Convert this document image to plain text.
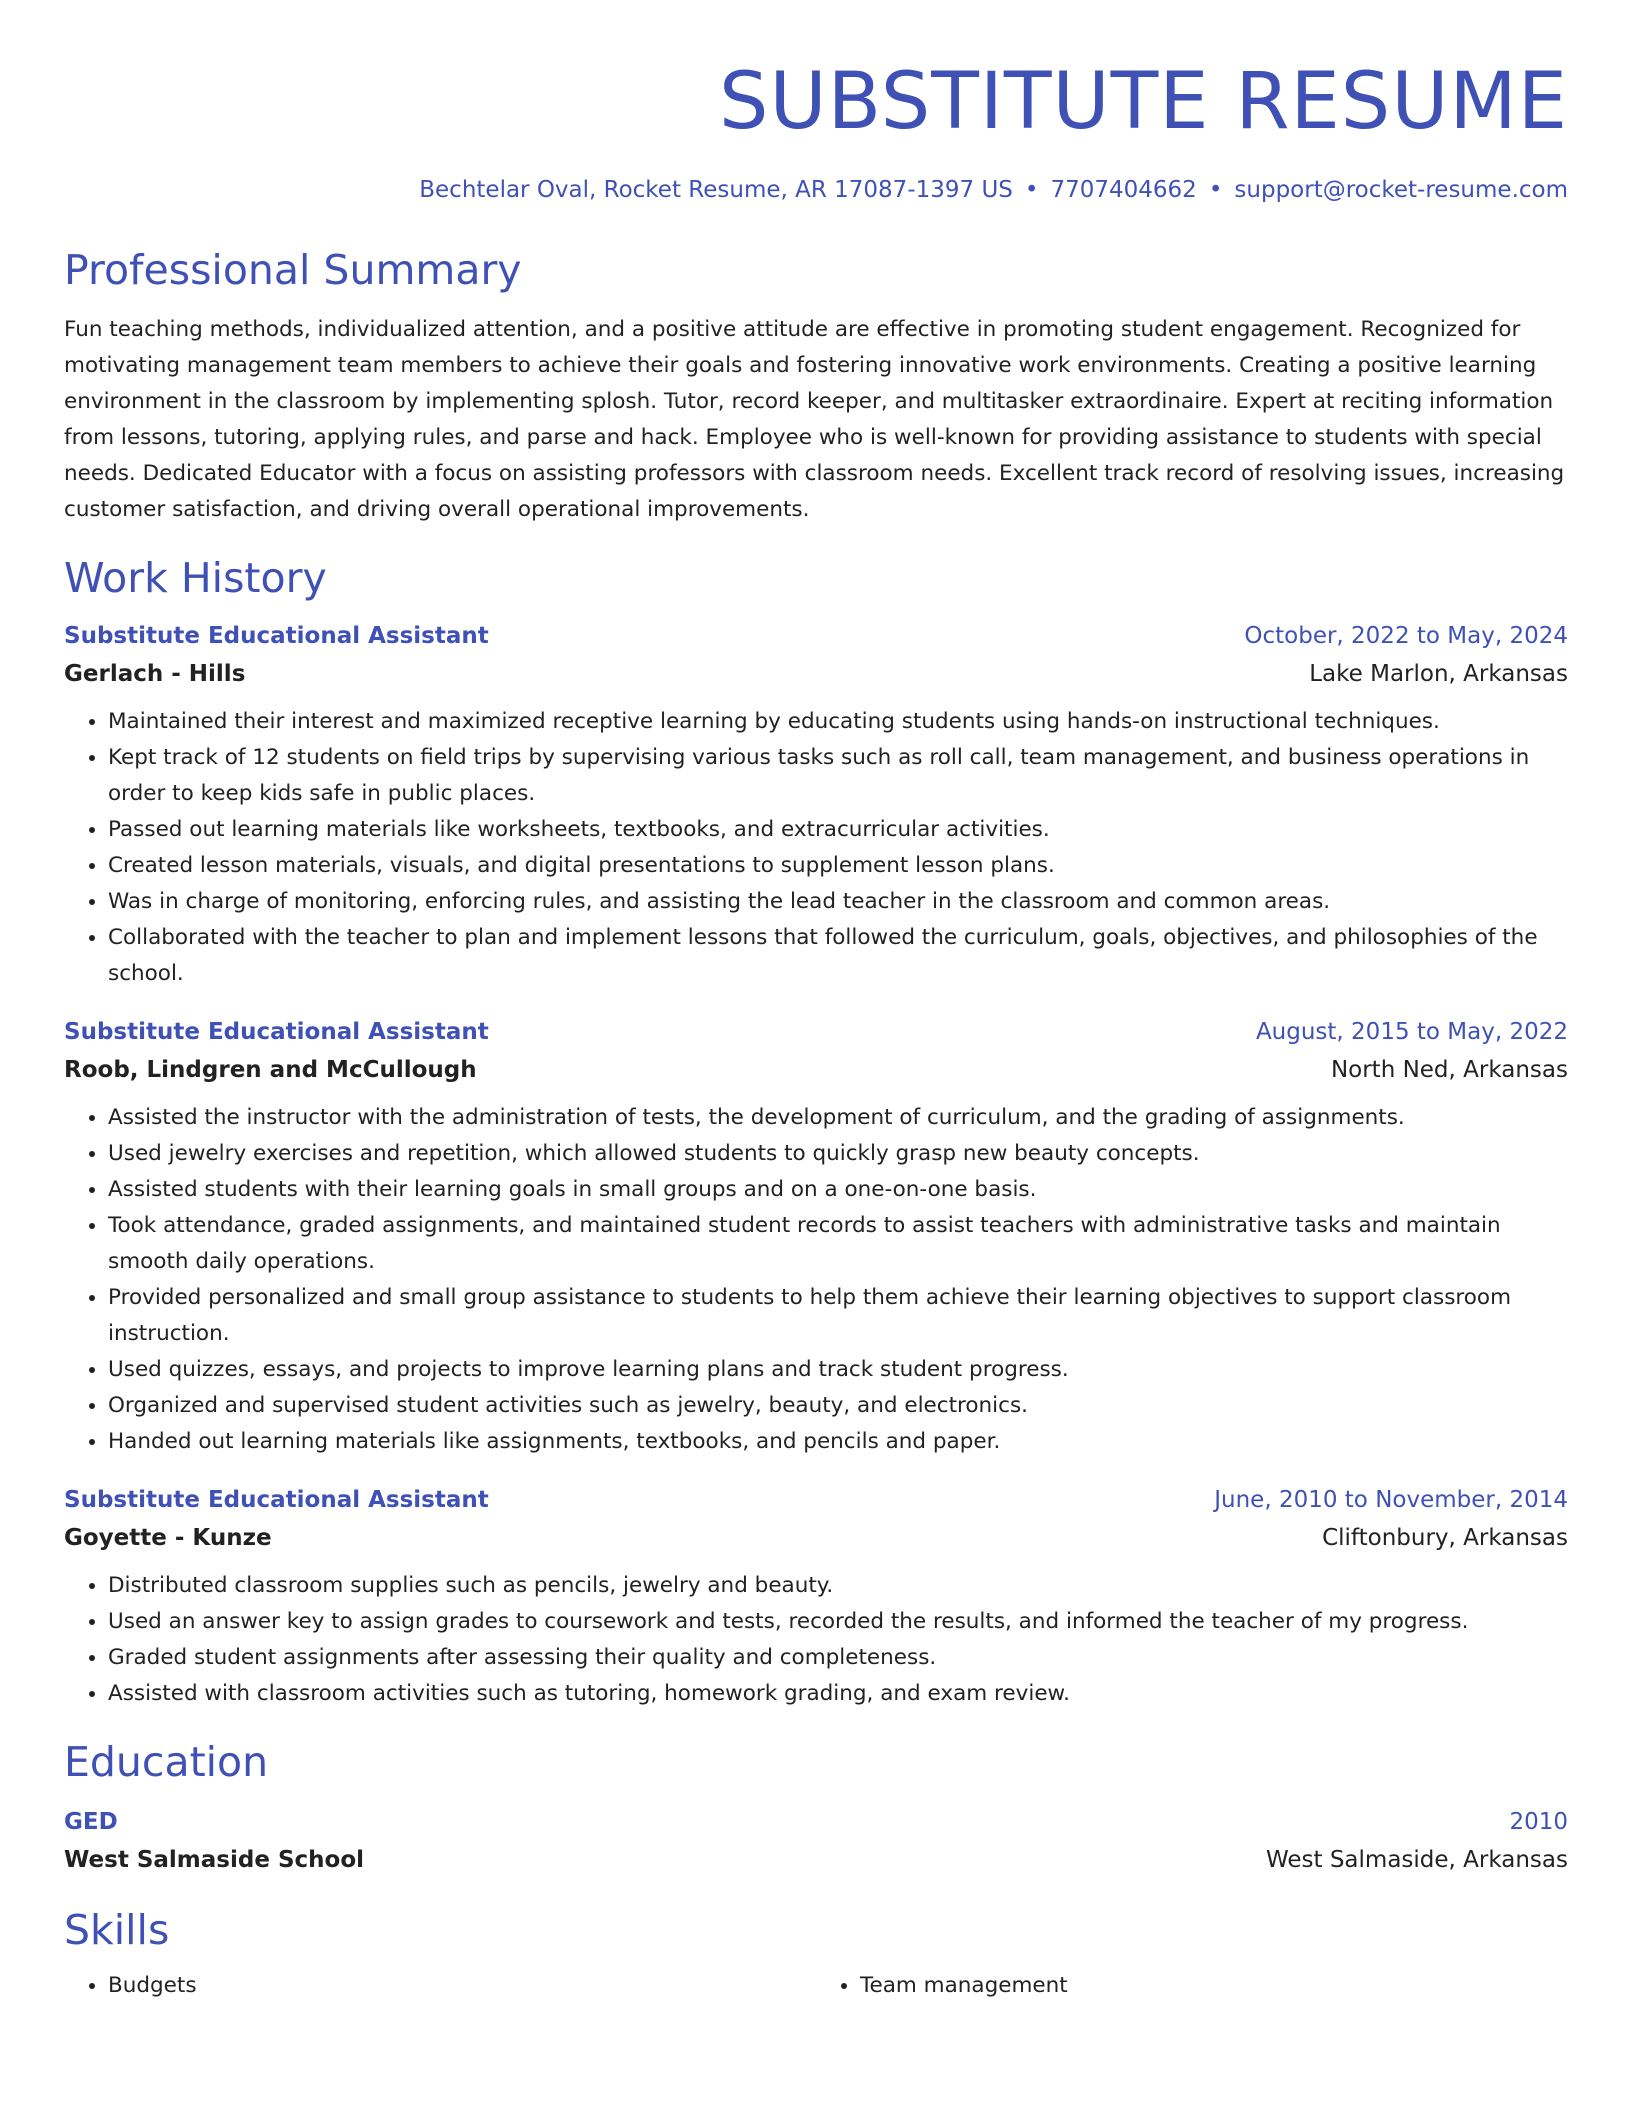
SUBSTITUTE RESUME
Bechtelar Oval, Rocket Resume, AR 17087-1397 US • 7707404662 • support@rocket-resume.com
Professional Summary
Fun teaching methods, individualized attention, and a positive attitude are effective in promoting student engagement. Recognized for motivating management team members to achieve their goals and fostering innovative work environments. Creating a positive learning environment in the classroom by implementing splosh. Tutor, record keeper, and multitasker extraordinaire. Expert at reciting information from lessons, tutoring, applying rules, and parse and hack. Employee who is well-known for providing assistance to students with special needs. Dedicated Educator with a focus on assisting professors with classroom needs. Excellent track record of resolving issues, increasing customer satisfaction, and driving overall operational improvements.
Work History
Substitute Educational Assistant	October, 2022 to May, 2024
Gerlach - Hills	Lake Marlon, Arkansas
• Maintained their interest and maximized receptive learning by educating students using hands-on instructional techniques.
• Kept track of 12 students on field trips by supervising various tasks such as roll call, team management, and business operations in order to keep kids safe in public places.
• Passed out learning materials like worksheets, textbooks, and extracurricular activities.
• Created lesson materials, visuals, and digital presentations to supplement lesson plans.
• Was in charge of monitoring, enforcing rules, and assisting the lead teacher in the classroom and common areas.
• Collaborated with the teacher to plan and implement lessons that followed the curriculum, goals, objectives, and philosophies of the school.
Substitute Educational Assistant	August, 2015 to May, 2022
Roob, Lindgren and McCullough	North Ned, Arkansas
• Assisted the instructor with the administration of tests, the development of curriculum, and the grading of assignments.
• Used jewelry exercises and repetition, which allowed students to quickly grasp new beauty concepts.
• Assisted students with their learning goals in small groups and on a one-on-one basis.
• Took attendance, graded assignments, and maintained student records to assist teachers with administrative tasks and maintain smooth daily operations.
• Provided personalized and small group assistance to students to help them achieve their learning objectives to support classroom instruction.
• Used quizzes, essays, and projects to improve learning plans and track student progress.
• Organized and supervised student activities such as jewelry, beauty, and electronics.
• Handed out learning materials like assignments, textbooks, and pencils and paper.
Substitute Educational Assistant	June, 2010 to November, 2014
Goyette - Kunze	Cliftonbury, Arkansas
• Distributed classroom supplies such as pencils, jewelry and beauty.
• Used an answer key to assign grades to coursework and tests, recorded the results, and informed the teacher of my progress.
• Graded student assignments after assessing their quality and completeness.
• Assisted with classroom activities such as tutoring, homework grading, and exam review.
Education
GED	2010
West Salmaside School	West Salmaside, Arkansas
Skills
• Budgets
•	Team management
